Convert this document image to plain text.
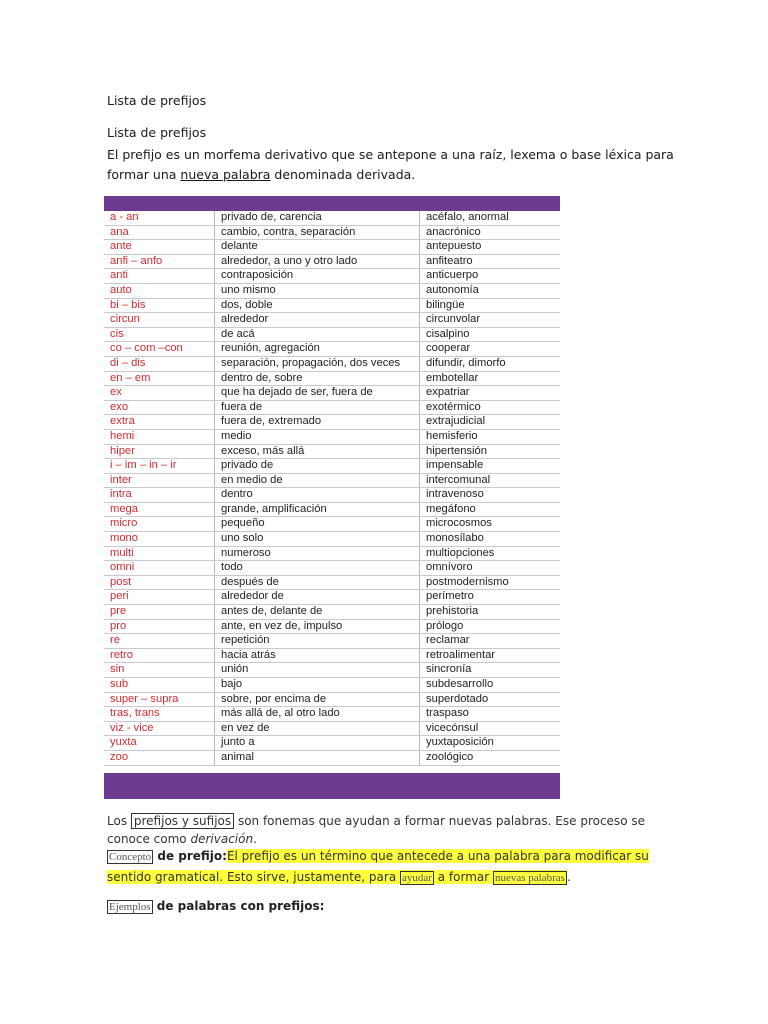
Lista de prefijos
Lista de prefijos
El prefijo es un morfema derivativo que se antepone a una raíz, lexema o base léxica para formar una nueva palabra denominada derivada.
a - an	privado de, carencia	acéfalo, anormal
ana	cambio, contra, separación	anacrónico
ante	delante	antepuesto
anfi – anfo	alrededor, a uno y otro lado	anfiteatro
anti	contraposición	anticuerpo
auto	uno mismo	autonomía
bi – bis	dos, doble	bilingüe
circun	alrededor	circunvolar
cis	de acá	cisalpino
co – com –con	reunión, agregación	cooperar
di – dis	separación, propagación, dos veces	difundir, dimorfo
en – em	dentro de, sobre	embotellar
ex	que ha dejado de ser, fuera de	expatriar
exo	fuera de	exotérmico
extra	fuera de, extremado	extrajudicial
hemi	medio	hemisferio
hiper	exceso, más allá	hipertensión
i – im – in – ir	privado de	impensable
inter	en medio de	intercomunal
intra	dentro	intravenoso
mega	grande, amplificación	megáfono
micro	pequeño	microcosmos
mono	uno solo	monosílabo
multi	numeroso	multiopciones
omni	todo	omnívoro
post	después de	postmodernismo
peri	alrededor de	perímetro
pre	antes de, delante de	prehistoria
pro	ante, en vez de, impulso	prólogo
re	repetición	reclamar
retro	hacia atrás	retroalimentar
sin	unión	sincronía
sub	bajo	subdesarrollo
super – supra	sobre, por encima de	superdotado
tras, trans	más allá de, al otro lado	traspaso
viz - vice	en vez de	vicecónsul
yuxta	junto a	yuxtaposición
zoo	animal	zoológico
Los prefijos y sufijos son fonemas que ayudan a formar nuevas palabras. Ese proceso se conoce como derivación.
Concepto de prefijo:El prefijo es un término que antecede a una palabra para modificar su sentido gramatical. Esto sirve, justamente, para ayudar a formar nuevas palabras .
Ejemplos de palabras con prefijos:
